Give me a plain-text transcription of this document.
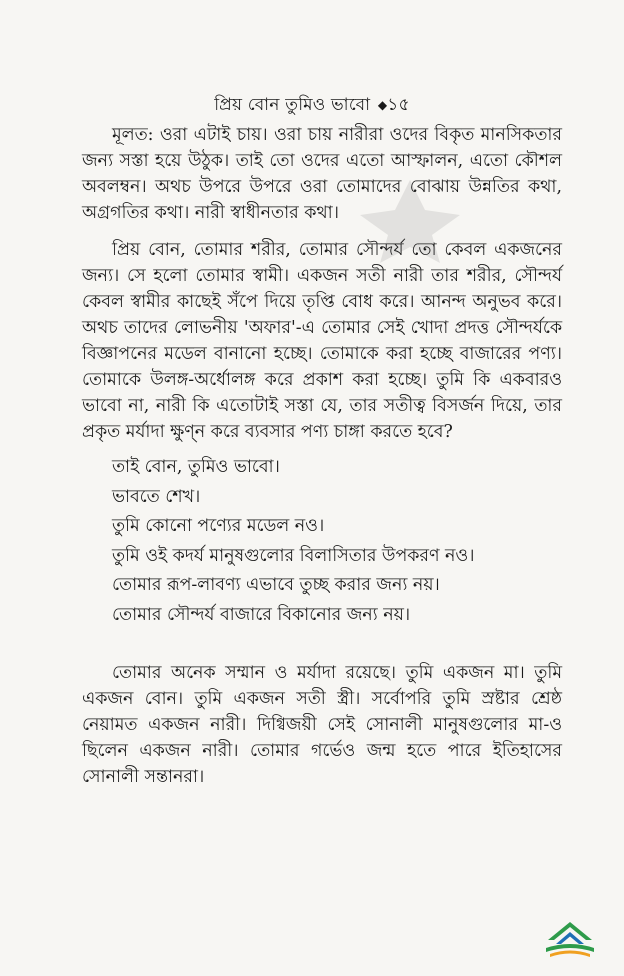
প্রিয় বোন তুমিও ভাবো ◆১৫
মূলত: ওরা এটাই চায়। ওরা চায় নারীরা ওদের বিকৃত মানসিকতার জন্য সস্তা হয়ে উঠুক। তাই তো ওদের এতো আস্ফালন, এতো কৌশল অবলম্বন। অথচ উপরে উপরে ওরা তোমাদের বোঝায় উন্নতির কথা, অগ্রগতির কথা। নারী স্বাধীনতার কথা।
প্রিয় বোন, তোমার শরীর, তোমার সৌন্দর্য তো কেবল একজনের জন্য। সে হলো তোমার স্বামী। একজন সতী নারী তার শরীর, সৌন্দর্য কেবল স্বামীর কাছেই সঁপে দিয়ে তৃপ্তি বোধ করে। আনন্দ অনুভব করে। অথচ তাদের লোভনীয় 'অফার'-এ তোমার সেই খোদা প্রদত্ত সৌন্দর্যকে বিজ্ঞাপনের মডেল বানানো হচ্ছে। তোমাকে করা হচ্ছে বাজারের পণ্য। তোমাকে উলঙ্গ-অর্ধোলঙ্গ করে প্রকাশ করা হচ্ছে। তুমি কি একবারও ভাবো না, নারী কি এতোটাই সস্তা যে, তার সতীত্ব বিসর্জন দিয়ে, তার প্রকৃত মর্যাদা ক্ষুণ্ন করে ব্যবসার পণ্য চাঙ্গা করতে হবে?
তাই বোন, তুমিও ভাবো।
ভাবতে শেখ।
তুমি কোনো পণ্যের মডেল নও।
তুমি ওই কদর্য মানুষগুলোর বিলাসিতার উপকরণ নও।
তোমার রূপ-লাবণ্য এভাবে তুচ্ছ করার জন্য নয়।
তোমার সৌন্দর্য বাজারে বিকানোর জন্য নয়।
তোমার অনেক সম্মান ও মর্যাদা রয়েছে। তুমি একজন মা। তুমি একজন বোন। তুমি একজন সতী স্ত্রী। সর্বোপরি তুমি স্রষ্টার শ্রেষ্ঠ নেয়ামত একজন নারী। দিগ্বিজয়ী সেই সোনালী মানুষগুলোর মা-ও ছিলেন একজন নারী। তোমার গর্ভেও জন্ম হতে পারে ইতিহাসের সোনালী সন্তানরা।
